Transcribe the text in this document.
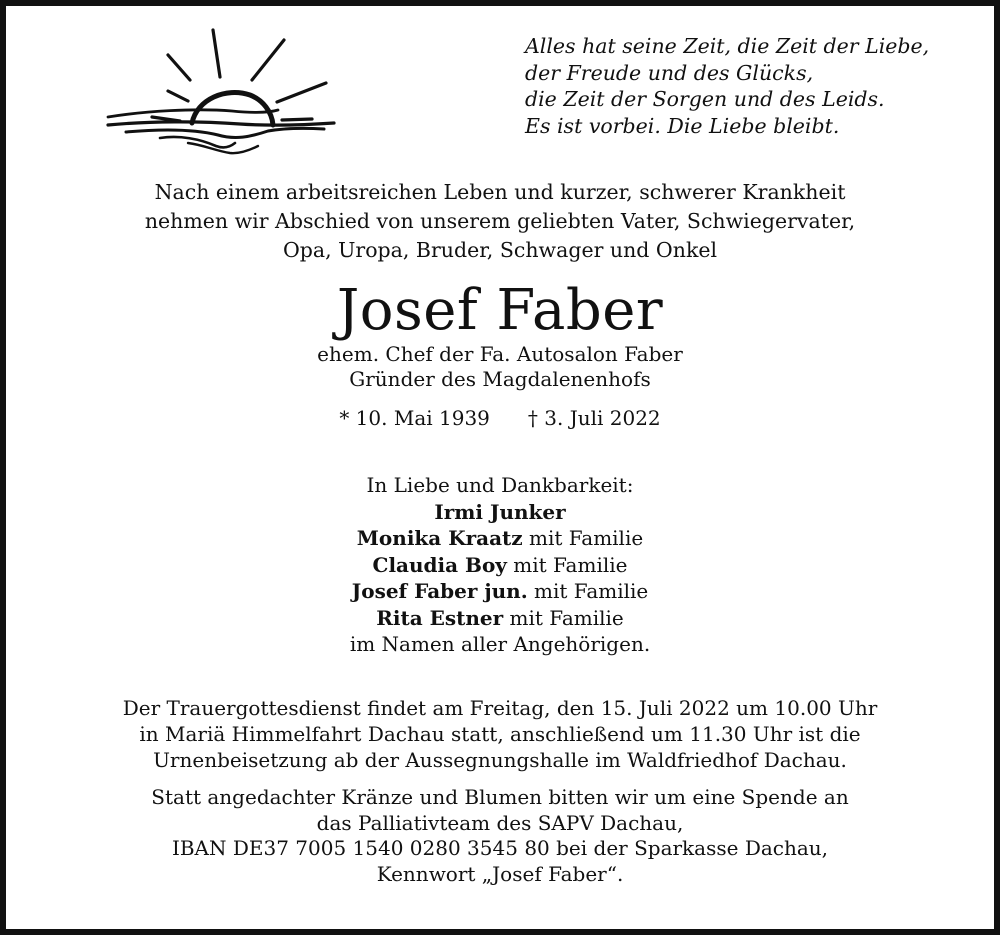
Alles hat seine Zeit, die Zeit der Liebe,
der Freude und des Glücks,
die Zeit der Sorgen und des Leids.
Es ist vorbei. Die Liebe bleibt.
Nach einem arbeitsreichen Leben und kurzer, schwerer Krankheit
nehmen wir Abschied von unserem geliebten Vater, Schwiegervater,
Opa, Uropa, Bruder, Schwager und Onkel
Josef Faber
ehem. Chef der Fa. Autosalon Faber
Gründer des Magdalenenhofs
* 10. Mai 1939 † 3. Juli 2022
In Liebe und Dankbarkeit:
Irmi Junker
Monika Kraatz mit Familie
Claudia Boy mit Familie
Josef Faber jun. mit Familie
Rita Estner mit Familie
im Namen aller Angehörigen.
Der Trauergottesdienst findet am Freitag, den 15. Juli 2022 um 10.00 Uhr
in Mariä Himmelfahrt Dachau statt, anschließend um 11.30 Uhr ist die
Urnenbeisetzung ab der Aussegnungshalle im Waldfriedhof Dachau.
Statt angedachter Kränze und Blumen bitten wir um eine Spende an
das Palliativteam des SAPV Dachau,
IBAN DE37 7005 1540 0280 3545 80 bei der Sparkasse Dachau,
Kennwort „Josef Faber“.
